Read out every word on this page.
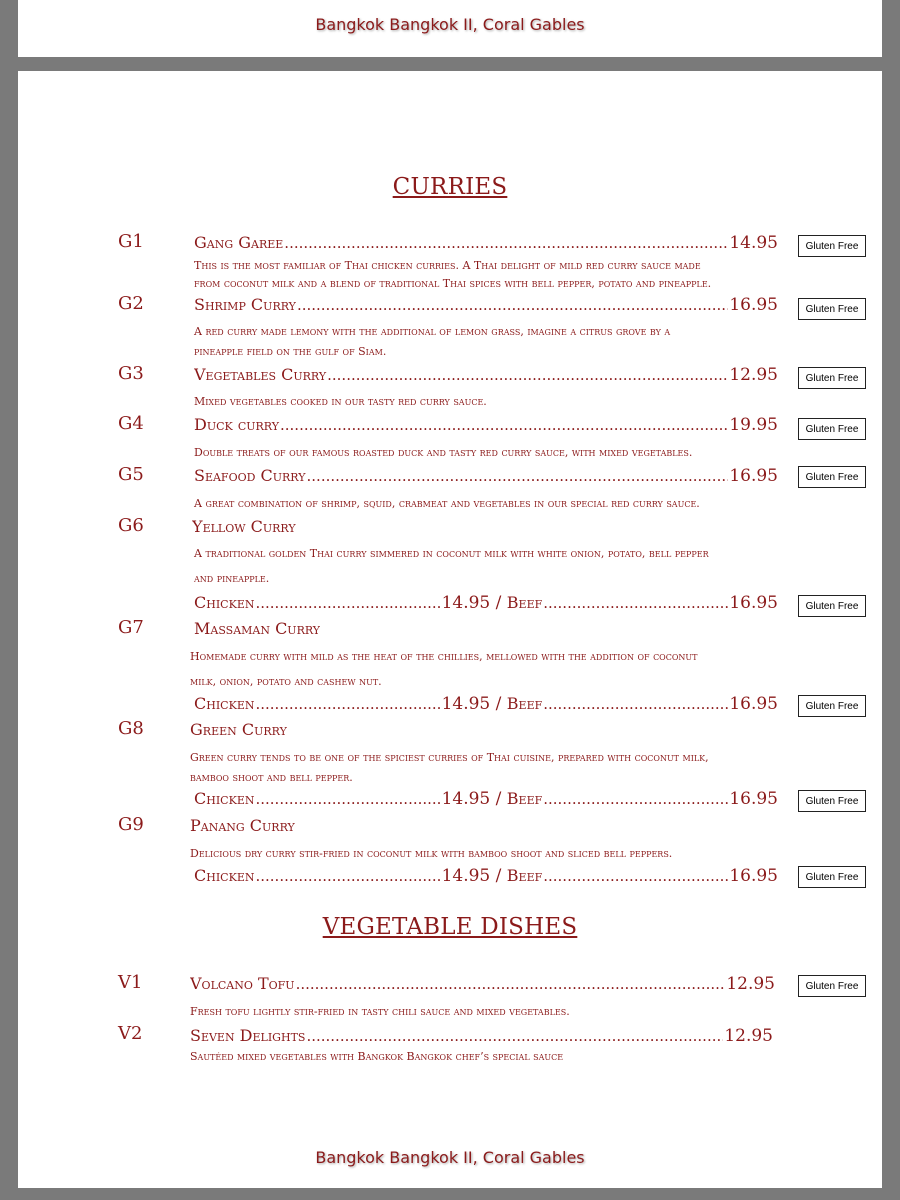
Bangkok Bangkok II, Coral Gables
CURRIES
G1	Gang Garee .....	14.95	Gluten Free
This is the most familiar of Thai chicken curries. A Thai delight of mild red curry sauce made
from coconut milk and a blend of traditional Thai spices with bell pepper, potato and pineapple.
G2	Shrimp Curry .....	16.95	Gluten Free
A red curry made lemony with the additional of lemon grass, imagine a citrus grove by a
pineapple field on the gulf of Siam.
G3	Vegetables Curry .....	12.95	Gluten Free
Mixed vegetables cooked in our tasty red curry sauce.
G4	Duck curry .....	19.95	Gluten Free
Double treats of our famous roasted duck and tasty red curry sauce, with mixed vegetables.
G5	Seafood Curry .....	16.95	Gluten Free
A great combination of shrimp, squid, crabmeat and vegetables in our special red curry sauce.
G6	Yellow Curry
A traditional golden Thai curry simmered in coconut milk with white onion, potato, bell pepper
and pineapple.
Chicken .....	14.95 / Beef .....	16.95	Gluten Free
G7	Massaman Curry
Homemade curry with mild as the heat of the chillies, mellowed with the addition of coconut
milk, onion, potato and cashew nut.
Chicken .....	14.95 / Beef .....	16.95	Gluten Free
G8	Green Curry
Green curry tends to be one of the spiciest curries of Thai cuisine, prepared with coconut milk,
bamboo shoot and bell pepper.
Chicken .....	14.95 / Beef .....	16.95	Gluten Free
G9	Panang Curry
Delicious dry curry stir-fried in coconut milk with bamboo shoot and sliced bell peppers.
Chicken .....	14.95 / Beef .....	16.95	Gluten Free
VEGETABLE DISHES
V1	Volcano Tofu .....	12.95	Gluten Free
Fresh tofu lightly stir-fried in tasty chili sauce and mixed vegetables.
V2	Seven Delights .....	12.95
Sautéed mixed vegetables with Bangkok Bangkok chef’s special sauce
Bangkok Bangkok II, Coral Gables
